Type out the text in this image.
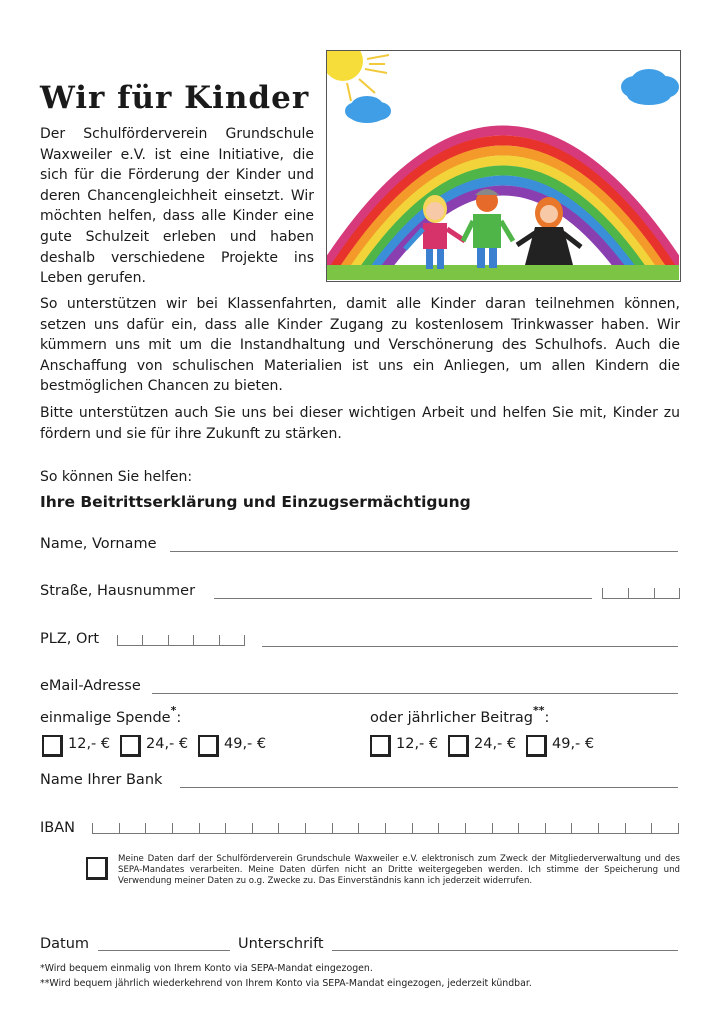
Wir für Kinder
Der Schulförderverein Grundschule Waxweiler e.V. ist eine Initiative, die sich für die Förderung der Kinder und deren Chancengleichheit einsetzt. Wir möchten helfen, dass alle Kinder eine gute Schulzeit erleben und haben deshalb verschiedene Projekte ins Leben gerufen.
So unterstützen wir bei Klassenfahrten, damit alle Kinder daran teilnehmen können, setzen uns dafür ein, dass alle Kinder Zugang zu kostenlosem Trinkwasser haben. Wir kümmern uns mit um die Instandhaltung und Verschönerung des Schulhofs. Auch die Anschaffung von schulischen Materialien ist uns ein Anliegen, um allen Kindern die bestmöglichen Chancen zu bieten.
Bitte unterstützen auch Sie uns bei dieser wichtigen Arbeit und helfen Sie mit, Kinder zu fördern und sie für ihre Zukunft zu stärken.
So können Sie helfen:
Ihre Beitrittserklärung und Einzugsermächtigung
Name, Vorname
Straße, Hausnummer
PLZ, Ort
eMail-Adresse
einmalige Spende*:	oder jährlicher Beitrag**:
12,- € 24,- € 49,- €	12,- € 24,- € 49,- €
Name Ihrer Bank
IBAN
Meine Daten darf der Schulförderverein Grundschule Waxweiler e.V. elektronisch zum Zweck der Mitgliederverwaltung und des SEPA-Mandates verarbeiten. Meine Daten dürfen nicht an Dritte weitergegeben werden. Ich stimme der Speicherung und Verwendung meiner Daten zu o.g. Zwecke zu. Das Einverständnis kann ich jederzeit widerrufen.
Datum	Unterschrift
*Wird bequem einmalig von Ihrem Konto via SEPA-Mandat eingezogen.
**Wird bequem jährlich wiederkehrend von Ihrem Konto via SEPA-Mandat eingezogen, jederzeit kündbar.
